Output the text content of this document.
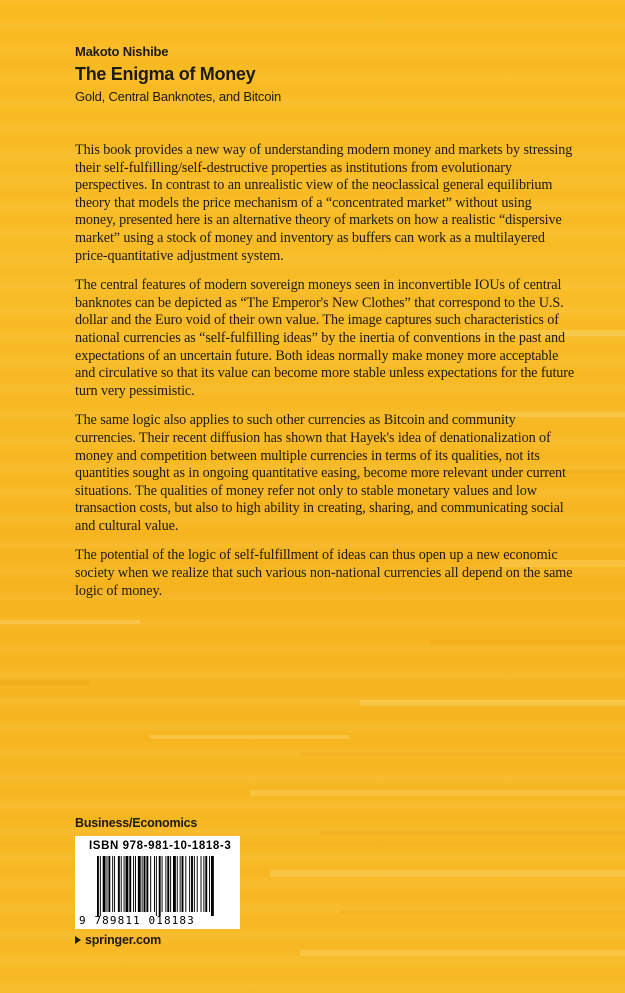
Makoto Nishibe
The Enigma of Money
Gold, Central Banknotes, and Bitcoin

This book provides a new way of understanding modern money and markets by stressing their self-fulfilling/self-destructive properties as institutions from evolutionary perspectives. In contrast to an unrealistic view of the neoclassical general equilibrium theory that models the price mechanism of a “concentrated market” without using money, presented here is an alternative theory of markets on how a realistic “dispersive market” using a stock of money and inventory as buffers can work as a multilayered price-quantitative adjustment system.

The central features of modern sovereign moneys seen in inconvertible IOUs of central banknotes can be depicted as “The Emperor's New Clothes” that correspond to the U.S. dollar and the Euro void of their own value. The image captures such characteristics of national currencies as “self-fulfilling ideas” by the inertia of conventions in the past and expectations of an uncertain future. Both ideas normally make money more acceptable and circulative so that its value can become more stable unless expectations for the future turn very pessimistic.

The same logic also applies to such other currencies as Bitcoin and community currencies. Their recent diffusion has shown that Hayek's idea of denationalization of money and competition between multiple currencies in terms of its qualities, not its quantities sought as in ongoing quantitative easing, become more relevant under current situations. The qualities of money refer not only to stable monetary values and low transaction costs, but also to high ability in creating, sharing, and communicating social and cultural value.

The potential of the logic of self-fulfillment of ideas can thus open up a new economic society when we realize that such various non-national currencies all depend on the same logic of money.

Business/Economics
ISBN 978-981-10-1818-3
9 789811 018183
springer.com
